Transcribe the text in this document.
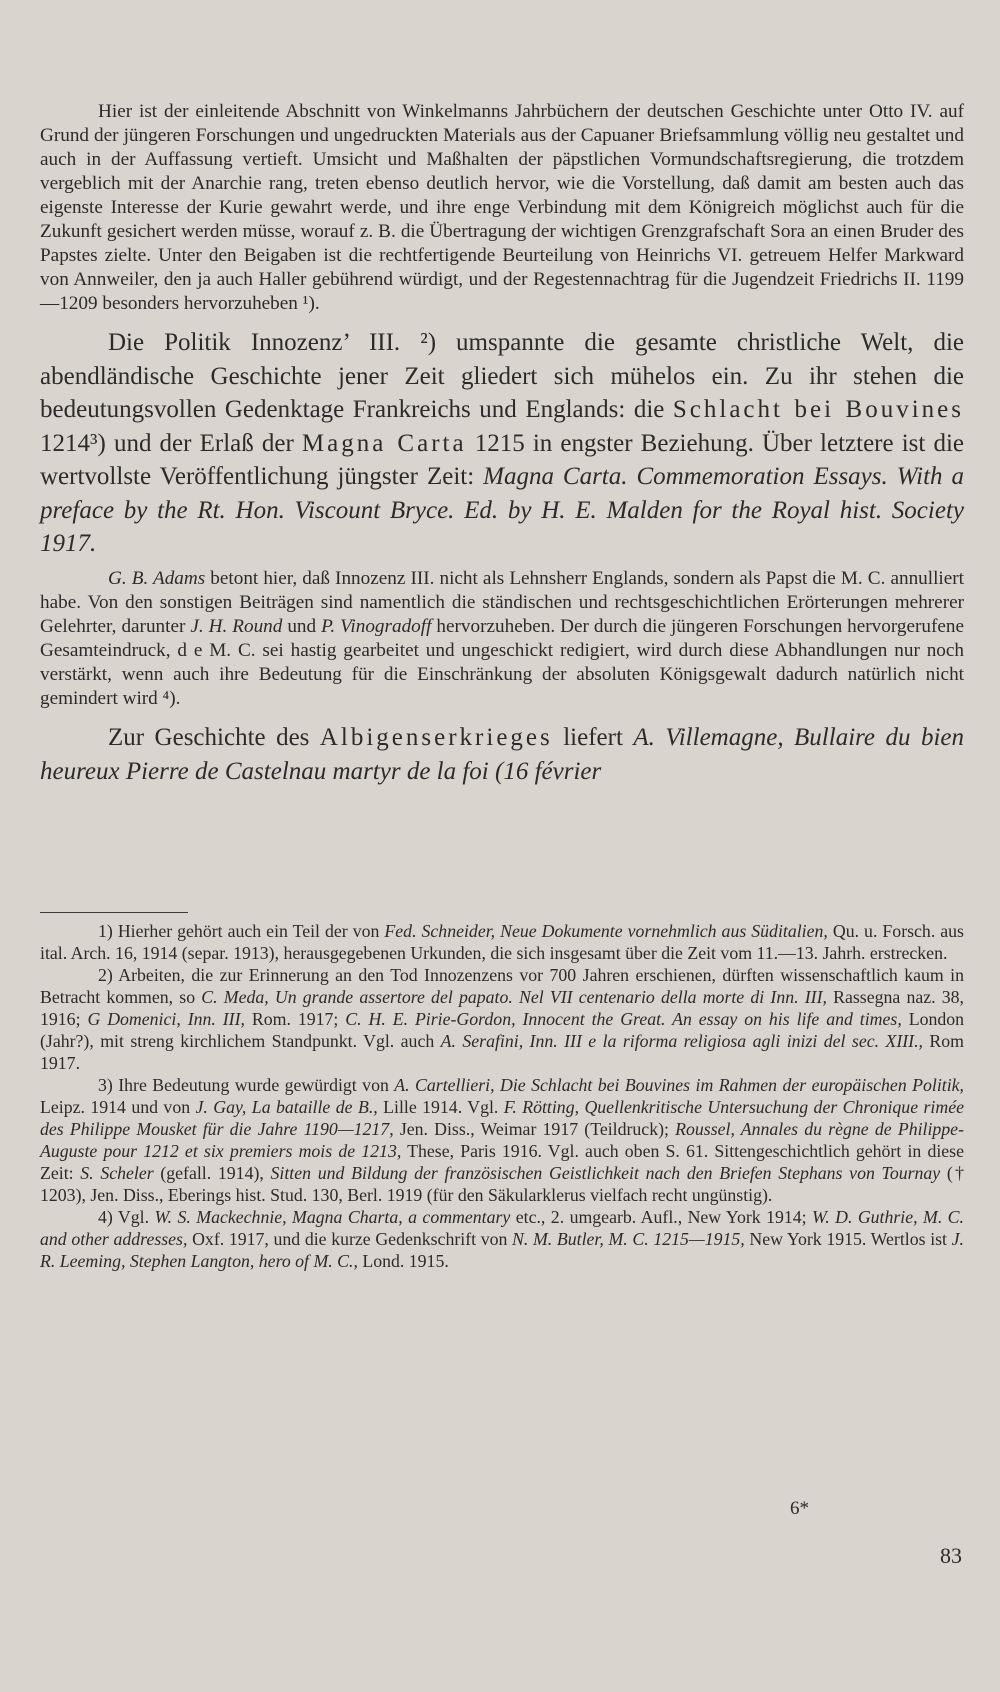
Hier ist der einleitende Abschnitt von Winkelmanns Jahrbüchern der deutschen Geschichte unter Otto IV. auf Grund der jüngeren Forschungen und ungedruckten Materials aus der Capuaner Briefsammlung völlig neu gestaltet und auch in der Auffassung vertieft. Umsicht und Maßhalten der päpstlichen Vormundschaftsregierung, die trotzdem vergeblich mit der Anarchie rang, treten ebenso deutlich hervor, wie die Vorstellung, daß damit am besten auch das eigenste Interesse der Kurie gewahrt werde, und ihre enge Verbindung mit dem Königreich möglichst auch für die Zukunft gesichert werden müsse, worauf z. B. die Übertragung der wichtigen Grenzgrafschaft Sora an einen Bruder des Papstes zielte. Unter den Beigaben ist die rechtfertigende Beurteilung von Heinrichs VI. getreuem Helfer Markward von Annweiler, den ja auch Haller gebührend würdigt, und der Regestennachtrag für die Jugendzeit Friedrichs II. 1199—1209 besonders hervorzuheben ¹).

Die Politik Innozenz’ III. ²) umspannte die gesamte christliche Welt, die abendländische Geschichte jener Zeit gliedert sich mühelos ein. Zu ihr stehen die bedeutungsvollen Gedenktage Frankreichs und Englands: die Schlacht bei Bouvines 1214³) und der Erlaß der Magna Carta 1215 in engster Beziehung. Über letztere ist die wertvollste Veröffentlichung jüngster Zeit: Magna Carta. Commemoration Essays. With a preface by the Rt. Hon. Viscount Bryce. Ed. by H. E. Malden for the Royal hist. Society 1917.

G. B. Adams betont hier, daß Innozenz III. nicht als Lehnsherr Englands, sondern als Papst die M. C. annulliert habe. Von den sonstigen Beiträgen sind namentlich die ständischen und rechtsgeschichtlichen Erörterungen mehrerer Gelehrter, darunter J. H. Round und P. Vinogradoff hervorzuheben. Der durch die jüngeren Forschungen hervorgerufene Gesamteindruck, d e M. C. sei hastig gearbeitet und ungeschickt redigiert, wird durch diese Abhandlungen nur noch verstärkt, wenn auch ihre Bedeutung für die Einschränkung der absoluten Königsgewalt dadurch natürlich nicht gemindert wird ⁴).

Zur Geschichte des Albigenserkrieges liefert A. Villemagne, Bullaire du bien heureux Pierre de Castelnau martyr de la foi (16 février

1) Hierher gehört auch ein Teil der von Fed. Schneider, Neue Dokumente vornehmlich aus Süditalien, Qu. u. Forsch. aus ital. Arch. 16, 1914 (separ. 1913), herausgegebenen Urkunden, die sich insgesamt über die Zeit vom 11.—13. Jahrh. erstrecken.

2) Arbeiten, die zur Erinnerung an den Tod Innozenzens vor 700 Jahren erschienen, dürften wissenschaftlich kaum in Betracht kommen, so C. Meda, Un grande assertore del papato. Nel VII centenario della morte di Inn. III, Rassegna naz. 38, 1916; G Domenici, Inn. III, Rom. 1917; C. H. E. Pirie-Gordon, Innocent the Great. An essay on his life and times, London (Jahr?), mit streng kirchlichem Standpunkt. Vgl. auch A. Serafini, Inn. III e la riforma religiosa agli inizi del sec. XIII., Rom 1917.

3) Ihre Bedeutung wurde gewürdigt von A. Cartellieri, Die Schlacht bei Bouvines im Rahmen der europäischen Politik, Leipz. 1914 und von J. Gay, La bataille de B., Lille 1914. Vgl. F. Rötting, Quellenkritische Untersuchung der Chronique rimée des Philippe Mousket für die Jahre 1190—1217, Jen. Diss., Weimar 1917 (Teildruck); Roussel, Annales du règne de Philippe-Auguste pour 1212 et six premiers mois de 1213, These, Paris 1916. Vgl. auch oben S. 61. Sittengeschichtlich gehört in diese Zeit: S. Scheler (gefall. 1914), Sitten und Bildung der französischen Geistlichkeit nach den Briefen Stephans von Tournay († 1203), Jen. Diss., Eberings hist. Stud. 130, Berl. 1919 (für den Säkularklerus vielfach recht ungünstig).

4) Vgl. W. S. Mackechnie, Magna Charta, a commentary etc., 2. umgearb. Aufl., New York 1914; W. D. Guthrie, M. C. and other addresses, Oxf. 1917, und die kurze Gedenkschrift von N. M. Butler, M. C. 1215—1915, New York 1915. Wertlos ist J. R. Leeming, Stephen Langton, hero of M. C., Lond. 1915.

6*
83
